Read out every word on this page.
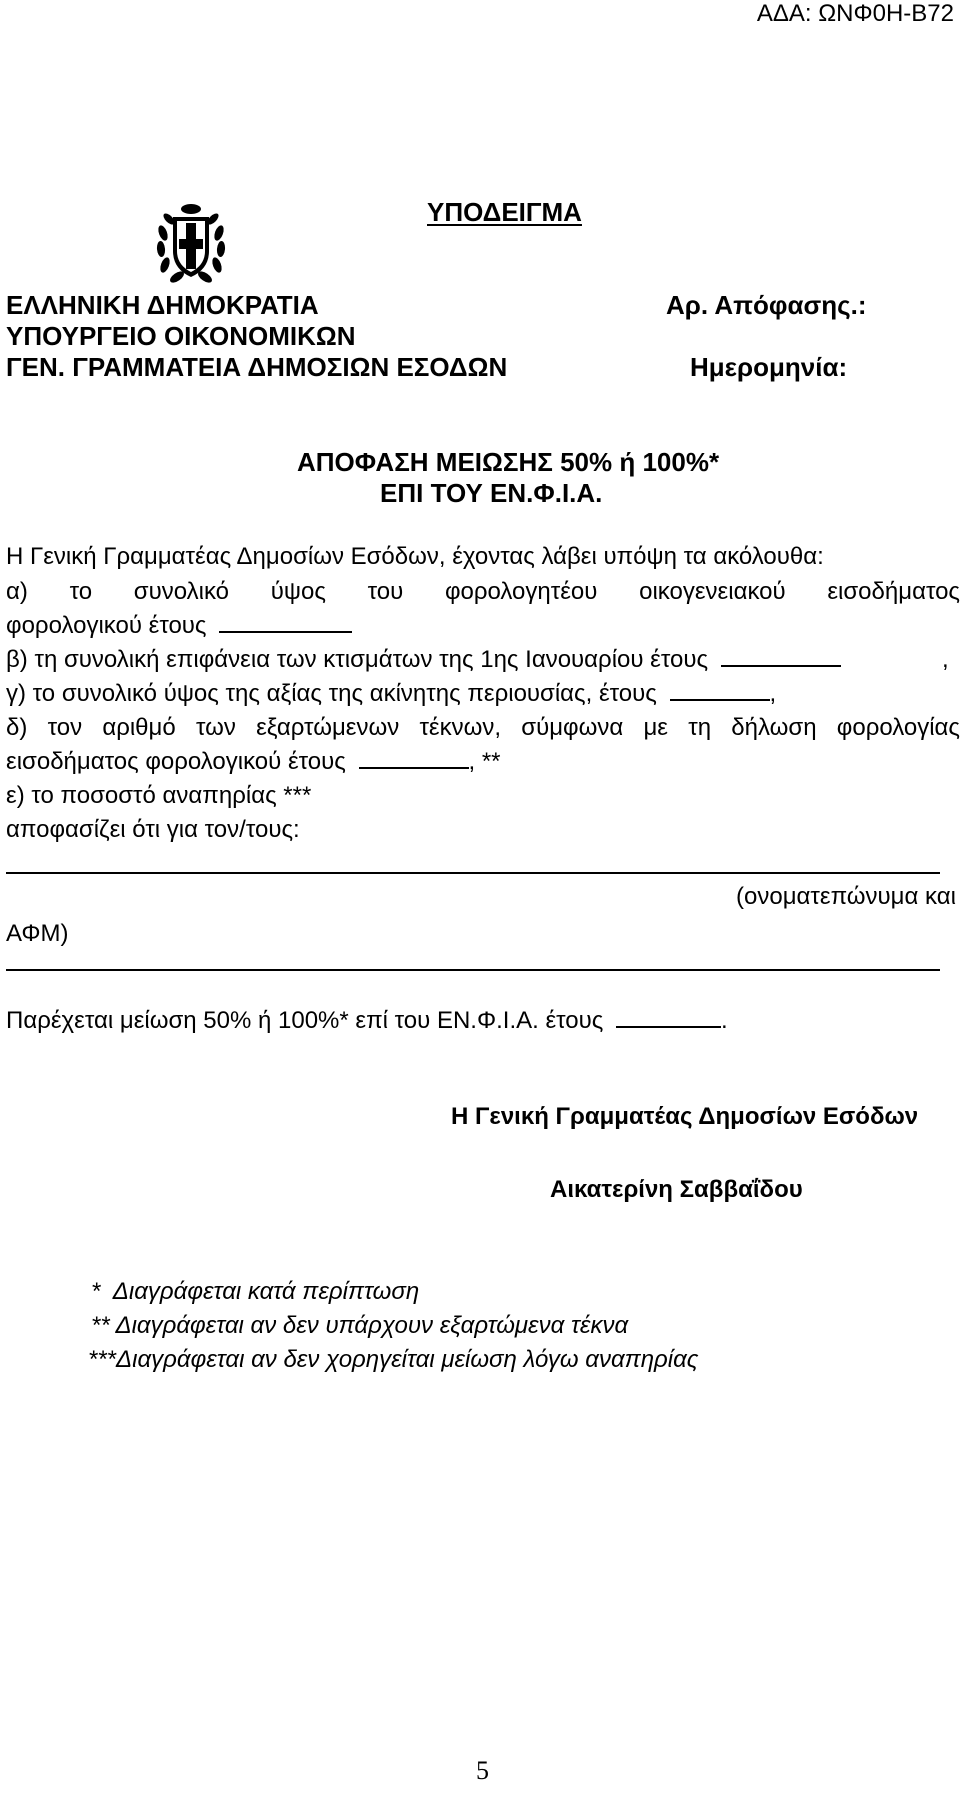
ΑΔΑ: ΩΝΦ0Η-Β72
ΥΠΟΔΕΙΓΜΑ
ΕΛΛΗΝΙΚΗ ΔΗΜΟΚΡΑΤΙΑ
ΥΠΟΥΡΓΕΙΟ ΟΙΚΟΝΟΜΙΚΩΝ
ΓΕΝ. ΓΡΑΜΜΑΤΕΙΑ ΔΗΜΟΣΙΩΝ ΕΣΟΔΩΝ
Αρ. Απόφασης.:
Ημερομηνία:
ΑΠΟΦΑΣΗ ΜΕΙΩΣΗΣ 50% ή 100%*
ΕΠΙ ΤΟΥ ΕΝ.Φ.Ι.Α.
Η Γενική Γραμματέας Δημοσίων Εσόδων, έχοντας λάβει υπόψη τα ακόλουθα:
α) το συνολικό ύψος του φορολογητέου οικογενειακού εισοδήματος
φορολογικού έτους
β) τη συνολική επιφάνεια των κτισμάτων της 1ης Ιανουαρίου έτους	,
γ) το συνολικό ύψος της αξίας της ακίνητης περιουσίας, έτους	,
δ) τον αριθμό των εξαρτώμενων τέκνων, σύμφωνα με τη δήλωση φορολογίας
εισοδήματος φορολογικού έτους	, **
ε) το ποσοστό αναπηρίας ***
αποφασίζει ότι για τον/τους:
(ονοματεπώνυμα και
ΑΦΜ)
Παρέχεται μείωση 50% ή 100%* επί του ΕΝ.Φ.Ι.Α. έτους	.
Η Γενική Γραμματέας Δημοσίων Εσόδων
Αικατερίνη Σαββαΐδου
* Διαγράφεται κατά περίπτωση
** Διαγράφεται αν δεν υπάρχουν εξαρτώμενα τέκνα
***Διαγράφεται αν δεν χορηγείται μείωση λόγω αναπηρίας
5
